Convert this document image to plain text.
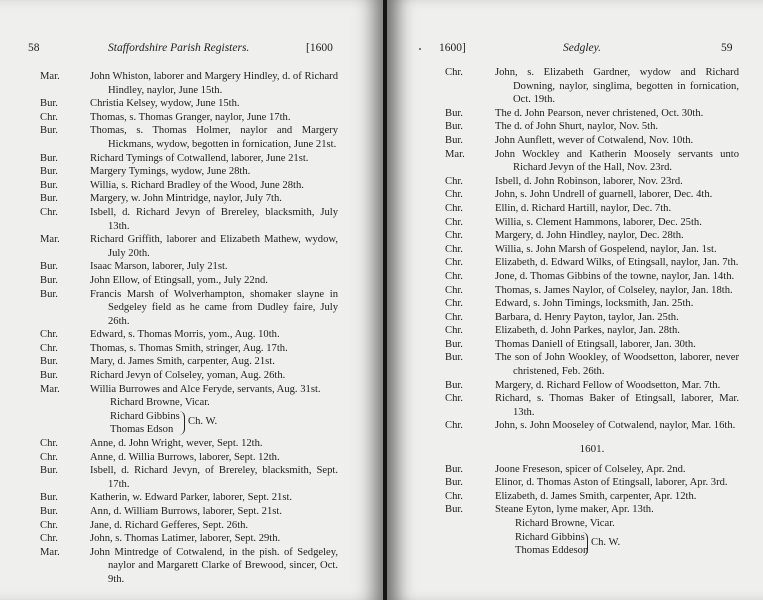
58	Staffordshire Parish Registers.	[1600
Mar.	John Whiston, laborer and Margery Hindley, d. of Richard Hindley, naylor, June 15th.
Bur.	Christia Kelsey, wydow, June 15th.
Chr.	Thomas, s. Thomas Granger, naylor, June 17th.
Bur.	Thomas, s. Thomas Holmer, naylor and Margery Hickmans, wydow, begotten in fornication, June 21st.
Bur.	Richard Tymings of Cotwallend, laborer, June 21st.
Bur.	Margery Tymings, wydow, June 28th.
Bur.	Willia, s. Richard Bradley of the Wood, June 28th.
Bur.	Margery, w. John Mintridge, naylor, July 7th.
Chr.	Isbell, d. Richard Jevyn of Brereley, blacksmith, July 13th.
Mar.	Richard Griffith, laborer and Elizabeth Mathew, wydow, July 20th.
Bur.	Isaac Marson, laborer, July 21st.
Bur.	John Ellow, of Etingsall, yom., July 22nd.
Bur.	Francis Marsh of Wolverhampton, shomaker slayne in Sedgeley field as he came from Dudley faire, July 26th.
Chr.	Edward, s. Thomas Morris, yom., Aug. 10th.
Chr.	Thomas, s. Thomas Smith, stringer, Aug. 17th.
Bur.	Mary, d. James Smith, carpenter, Aug. 21st.
Bur.	Richard Jevyn of Colseley, yoman, Aug. 26th.
Mar.	Willia Burrowes and Alce Feryde, servants, Aug. 31st.
Richard Browne, Vicar.
Richard Gibbins
Thomas Edson
Ch. W.
Chr.	Anne, d. John Wright, wever, Sept. 12th.
Chr.	Anne, d. Willia Burrows, laborer, Sept. 12th.
Bur.	Isbell, d. Richard Jevyn, of Brereley, blacksmith, Sept. 17th.
Bur.	Katherin, w. Edward Parker, laborer, Sept. 21st.
Bur.	Ann, d. William Burrows, laborer, Sept. 21st.
Chr.	Jane, d. Richard Gefferes, Sept. 26th.
Chr.	John, s. Thomas Latimer, laborer, Sept. 29th.
Mar.	John Mintredge of Cotwalend, in the pish. of Sedgeley, naylor and Margarett Clarke of Brewood, sincer, Oct. 9th.
1600]	Sedgley.	59
Chr.	John, s. Elizabeth Gardner, wydow and Richard Downing, naylor, singlima, begotten in fornication, Oct. 19th.
Bur.	The d. John Pearson, never christened, Oct. 30th.
Bur.	The d. of John Shurt, naylor, Nov. 5th.
Bur.	John Aunflett, wever of Cotwalend, Nov. 10th.
Mar.	John Wockley and Katherin Moosely servants unto Richard Jevyn of the Hall, Nov. 23rd.
Chr.	Isbell, d. John Robinson, laborer, Nov. 23rd.
Chr.	John, s. John Undrell of guarnell, laborer, Dec. 4th.
Chr.	Ellin, d. Richard Hartill, naylor, Dec. 7th.
Chr.	Willia, s. Clement Hammons, laborer, Dec. 25th.
Chr.	Margery, d. John Hindley, naylor, Dec. 28th.
Chr.	Willia, s. John Marsh of Gospelend, naylor, Jan. 1st.
Chr.	Elizabeth, d. Edward Wilks, of Etingsall, naylor, Jan. 7th.
Chr.	Jone, d. Thomas Gibbins of the towne, naylor, Jan. 14th.
Chr.	Thomas, s. James Naylor, of Colseley, naylor, Jan. 18th.
Chr.	Edward, s. John Timings, locksmith, Jan. 25th.
Chr.	Barbara, d. Henry Payton, taylor, Jan. 25th.
Chr.	Elizabeth, d. John Parkes, naylor, Jan. 28th.
Bur.	Thomas Daniell of Etingsall, laborer, Jan. 30th.
Bur.	The son of John Wookley, of Woodsetton, laborer, never christened, Feb. 26th.
Bur.	Margery, d. Richard Fellow of Woodsetton, Mar. 7th.
Chr.	Richard, s. Thomas Baker of Etingsall, laborer, Mar. 13th.
Chr.	John, s. John Mooseley of Cotwalend, naylor, Mar. 16th.
1601.
Bur.	Joone Freseson, spicer of Colseley, Apr. 2nd.
Bur.	Elinor, d. Thomas Aston of Etingsall, laborer, Apr. 3rd.
Chr.	Elizabeth, d. James Smith, carpenter, Apr. 12th.
Bur.	Steane Eyton, lyme maker, Apr. 13th.
Richard Browne, Vicar.
Richard Gibbins
Thomas Eddeson
Ch. W.
